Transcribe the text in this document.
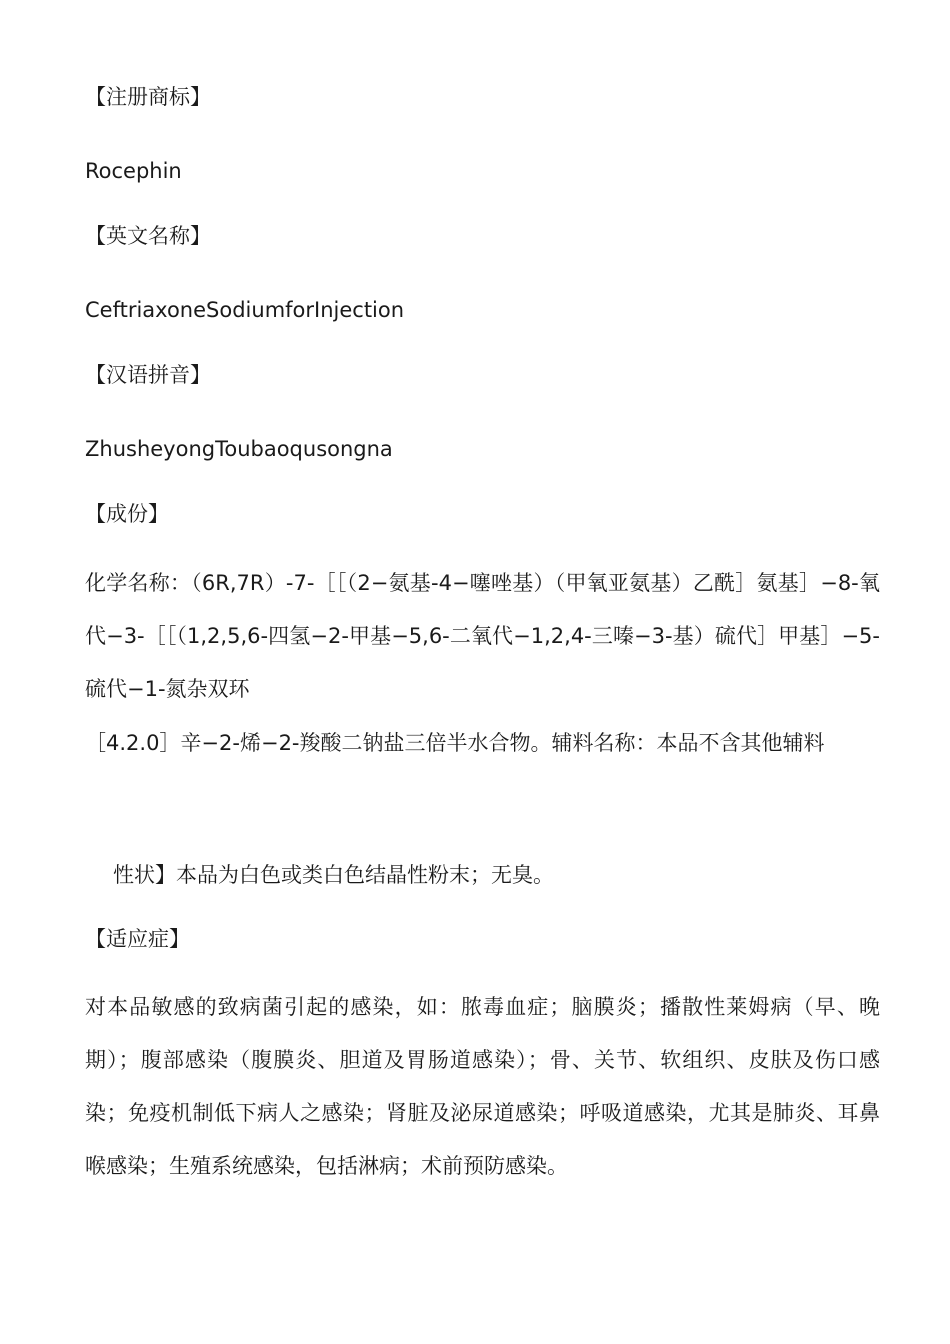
【注册商标】
Rocephin
【英文名称】
CeftriaxoneSodiumforInjection
【汉语拼音】
ZhusheyongToubaoqusongna
【成份】
化学名称：（6R,7R）-7-［［（2−氨基-4−噻唑基）（甲氧亚氨基）乙酰］氨基］−8-氧代−3-［［（1,2,5,6-四氢−2-甲基−5,6-二氧代−1,2,4-三嗪−3-基）硫代］甲基］−5-硫代−1-氮杂双环
［4.2.0］辛−2-烯−2-羧酸二钠盐三倍半水合物。辅料名称：本品不含其他辅料
性状】本品为白色或类白色结晶性粉末；无臭。
【适应症】
对本品敏感的致病菌引起的感染，如：脓毒血症；脑膜炎；播散性莱姆病（早、晚期）；腹部感染（腹膜炎、胆道及胃肠道感染）；骨、关节、软组织、皮肤及伤口感染；免疫机制低下病人之感染；肾脏及泌尿道感染；呼吸道感染，尤其是肺炎、耳鼻喉感染；生殖系统感染，包括淋病；术前预防感染。
